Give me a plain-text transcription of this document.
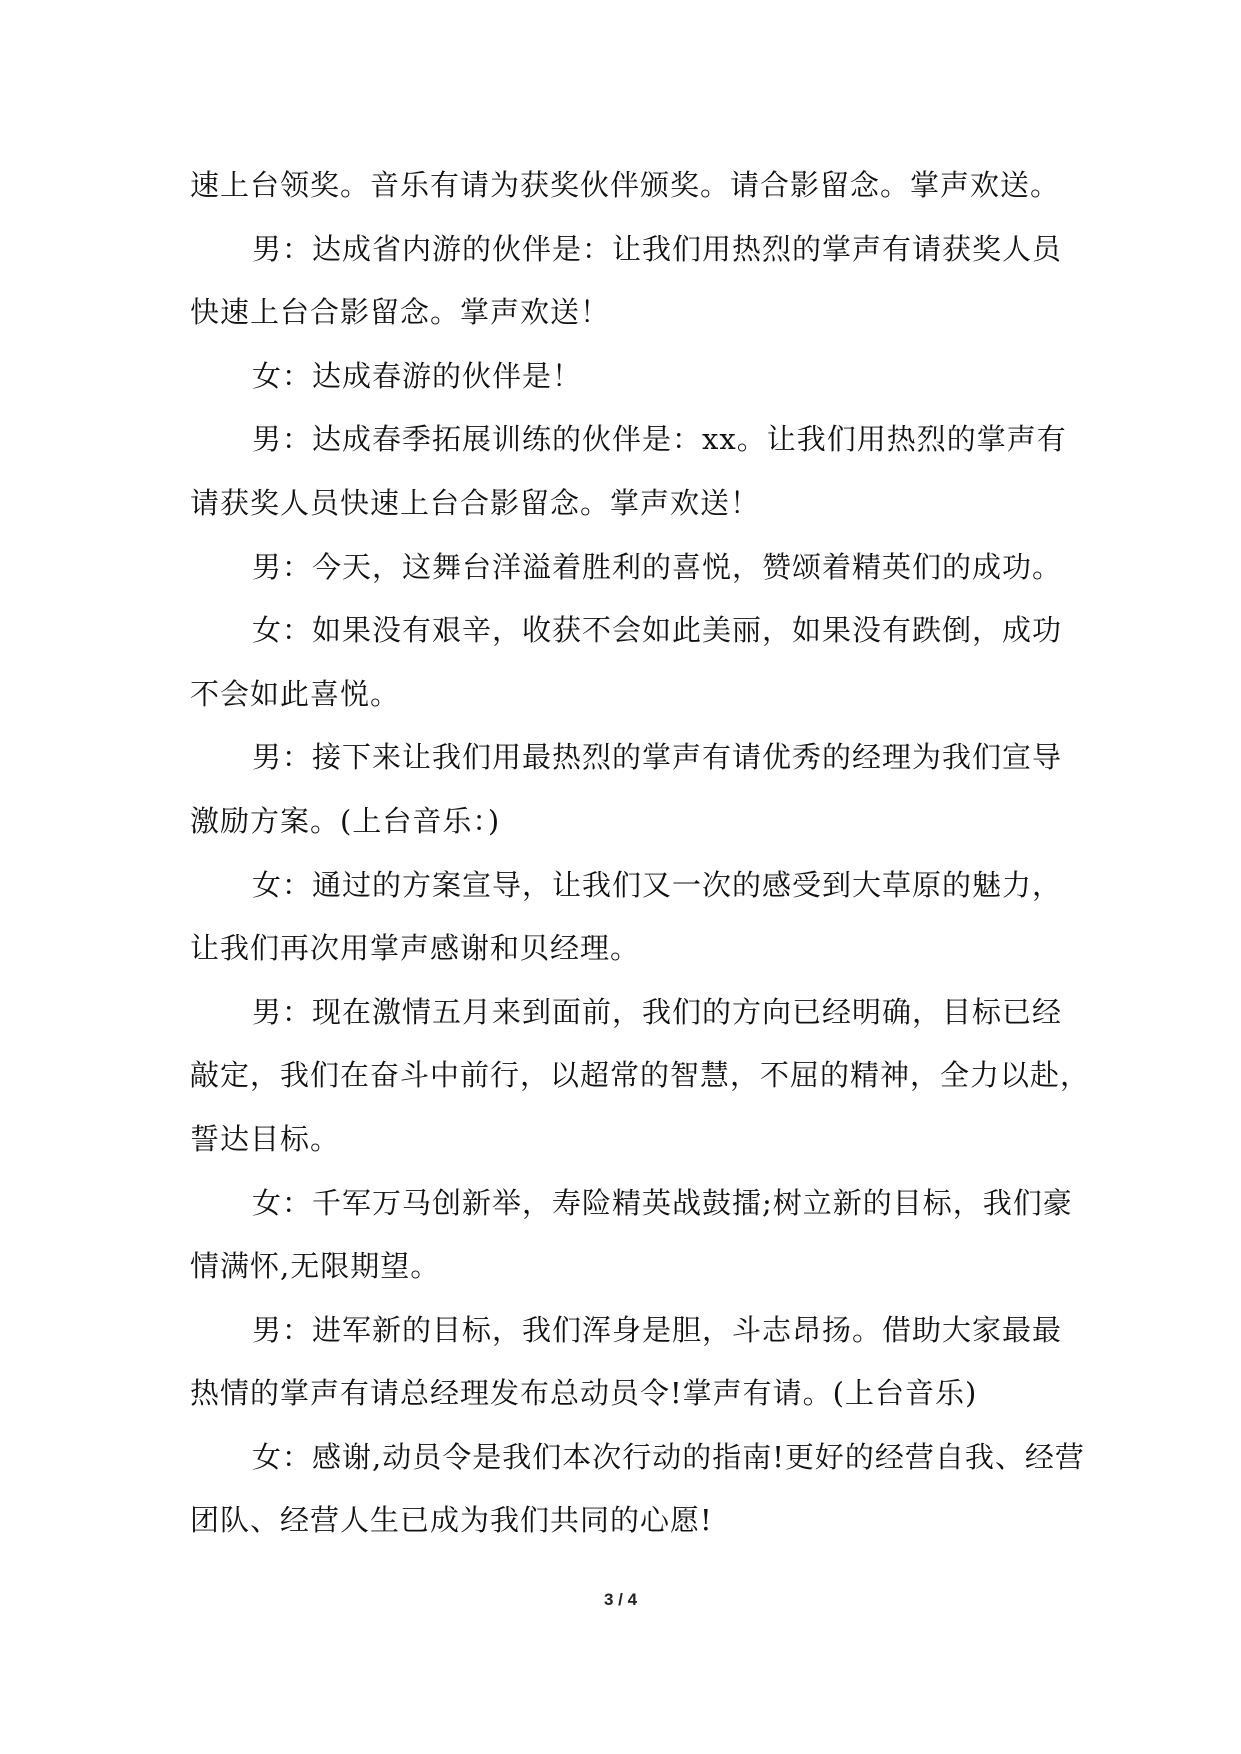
速上台领奖。音乐有请为获奖伙伴颁奖。请合影留念。掌声欢送。

男：达成省内游的伙伴是：让我们用热烈的掌声有请获奖人员快速上台合影留念。掌声欢送！

女：达成春游的伙伴是！

男：达成春季拓展训练的伙伴是：xx。让我们用热烈的掌声有请获奖人员快速上台合影留念。掌声欢送！

男：今天，这舞台洋溢着胜利的喜悦，赞颂着精英们的成功。

女：如果没有艰辛，收获不会如此美丽，如果没有跌倒，成功不会如此喜悦。

男：接下来让我们用最热烈的掌声有请优秀的经理为我们宣导激励方案。(上台音乐：)

女：通过的方案宣导，让我们又一次的感受到大草原的魅力，让我们再次用掌声感谢和贝经理。

男：现在激情五月来到面前，我们的方向已经明确，目标已经敲定，我们在奋斗中前行，以超常的智慧，不屈的精神，全力以赴，誓达目标。

女：千军万马创新举，寿险精英战鼓擂;树立新的目标，我们豪情满怀,无限期望。

男：进军新的目标，我们浑身是胆，斗志昂扬。借助大家最最热情的掌声有请总经理发布总动员令!掌声有请。(上台音乐)

女：感谢,动员令是我们本次行动的指南!更好的经营自我、经营团队、经营人生已成为我们共同的心愿!

3 / 4
